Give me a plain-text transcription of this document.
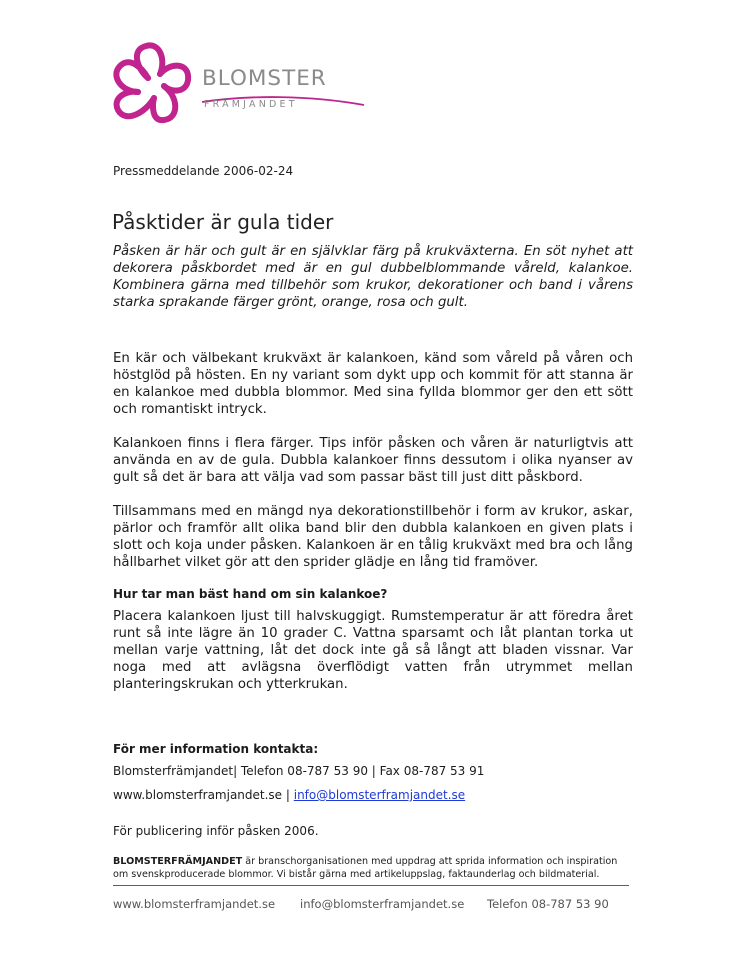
BLOMSTER
FRÄMJANDET
Pressmeddelande 2006-02-24
Påsktider är gula tider

Påsken är här och gult är en självklar färg på krukväxterna. En söt nyhet att dekorera påskbordet med är en gul dubbelblommande våreld, kalankoe. Kombinera gärna med tillbehör som krukor, dekorationer och band i vårens starka sprakande färger grönt, orange, rosa och gult.

En kär och välbekant krukväxt är kalankoen, känd som våreld på våren och höstglöd på hösten. En ny variant som dykt upp och kommit för att stanna är en kalankoe med dubbla blommor. Med sina fyllda blommor ger den ett sött och romantiskt intryck.

Kalankoen finns i flera färger. Tips inför påsken och våren är naturligtvis att använda en av de gula. Dubbla kalankoer finns dessutom i olika nyanser av gult så det är bara att välja vad som passar bäst till just ditt påskbord.

Tillsammans med en mängd nya dekorationstillbehör i form av krukor, askar, pärlor och framför allt olika band blir den dubbla kalankoen en given plats i slott och koja under påsken. Kalankoen är en tålig krukväxt med bra och lång hållbarhet vilket gör att den sprider glädje en lång tid framöver.

Hur tar man bäst hand om sin kalankoe?

Placera kalankoen ljust till halvskuggigt. Rumstemperatur är att föredra året runt så inte lägre än 10 grader C. Vattna sparsamt och låt plantan torka ut mellan varje vattning, låt det dock inte gå så långt att bladen vissnar. Var noga med att avlägsna överflödigt vatten från utrymmet mellan planteringskrukan och ytterkrukan.

För mer information kontakta:
Blomsterfrämjandet| Telefon 08-787 53 90 | Fax 08-787 53 91
www.blomsterframjandet.se | info@blomsterframjandet.se
För publicering inför påsken 2006.
BLOMSTERFRÄMJANDET är branschorganisationen med uppdrag att sprida information och inspiration om svenskproducerade blommor. Vi bistår gärna med artikeluppslag, faktaunderlag och bildmaterial.
www.blomsterframjandet.se info@blomsterframjandet.se Telefon 08-787 53 90
